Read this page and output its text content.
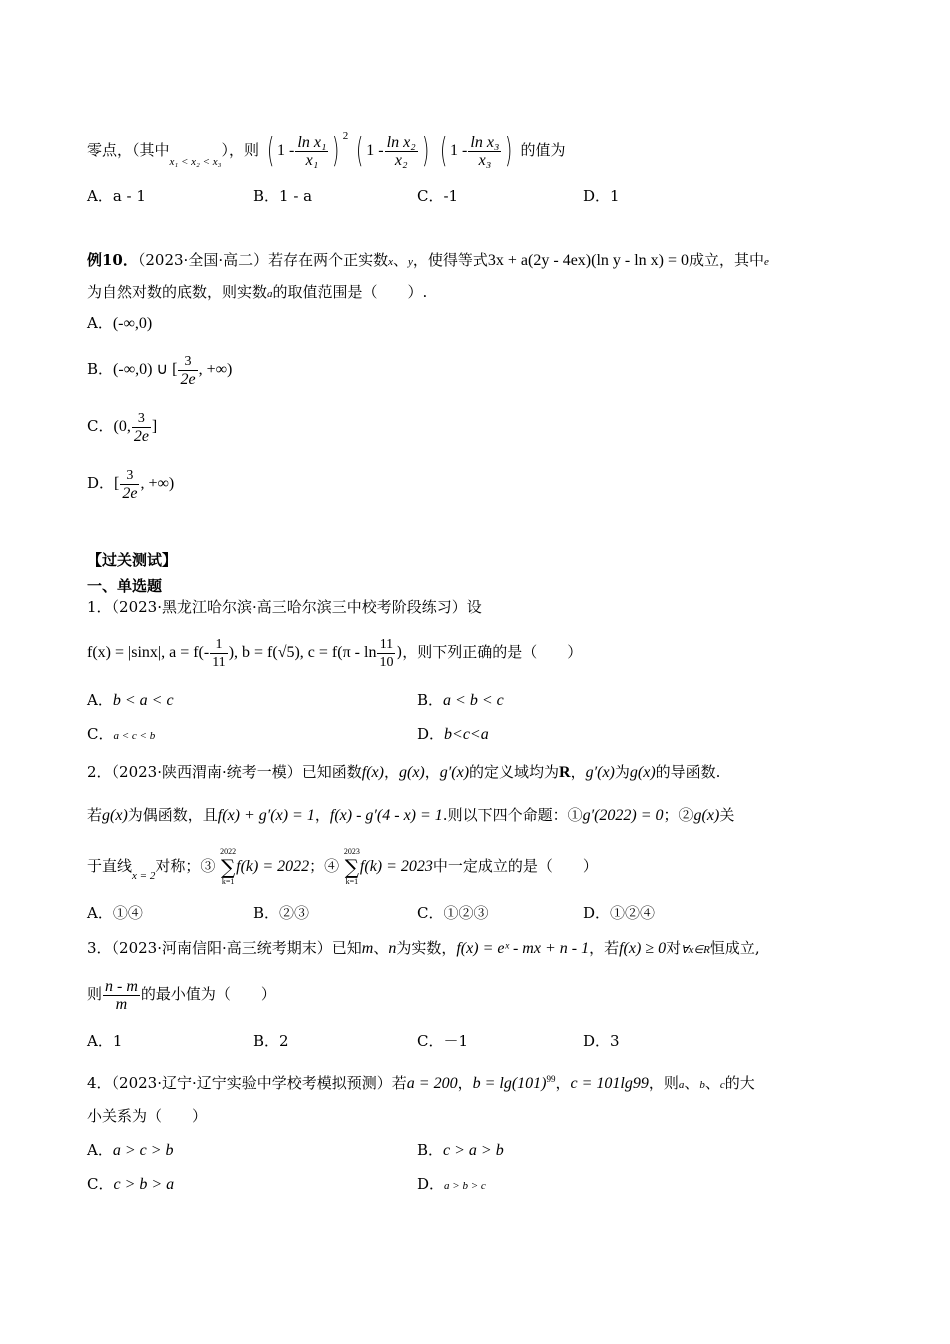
零点，（其中$_{x_1 < x_2 < x_3}$），则 ( $1 - \frac{\text{ln x₁}}{\text{x₁}}$ ) $^2$ ( $1 - \frac{\text{ln x₂}}{\text{x₂}}$ ) ( $1 - \frac{\text{ln x₃}}{\text{x₃}}$ ) 的值为
A．a - 1	B．1 - a	C．-1	D．1
例10．（2023·全国·高二）若存在两个正实数x、y，使得等式3x + a(2y - 4ex)(ln y - ln x) = 0成立，其中e
为自然对数的底数，则实数a的取值范围是（　　）.
A．(-∞,0)
B．(-∞,0) ∪ [ $\frac{3}{2e}$ , +∞)
C．(0, $\frac{3}{2e}$ ]
D．[ $\frac{3}{2e}$ , +∞)
【过关测试】
一、单选题
1．（2023·黑龙江哈尔滨·高三哈尔滨三中校考阶段练习）设
f(x) = |sinx|, $a = f(- \frac{1}{11}$ ), b = f(√5), $c = f(\pi - \ln \frac{11}{10}$ )，则下列正确的是（　　）
A．b < a < c	B．a < b < c
C．a < c < b	D．b<c<a
2．（2023·陕西渭南·统考一模）已知函数f(x)，g(x)，g′(x)的定义域均为R，g′(x)为g(x)的导函数.
若g(x)为偶函数，且f(x) + g′(x) = 1，f(x) - g′(4 - x) = 1.则以下四个命题：①g′(2022) = 0；②g(x)关
于直线$_{x = 2}$对称；③
2022
∑
k=1
f(k) = 2022；④
2023
∑
k=1
f(k) = 2023中一定成立的是（　　）
A．①④	B．②③	C．①②③	D．①②④
3．（2023·河南信阳·高三统考期末）已知m、n为实数，f(x) = eˣ - mx + n - 1，若f(x) ≥ 0对∀x∈R恒成立,
则 $\frac{n - m}{m}$ 的最小值为（　　）
A．1	B．2	C．－1	D．3
4．（2023·辽宁·辽宁实验中学校考模拟预测）若a = 200，$b = \lg(101)^{99}$，c = 101lg99，则a、b、c的大
小关系为（　　）
A．a > c > b	B．c > a > b
C．c > b > a	D．a > b > c
